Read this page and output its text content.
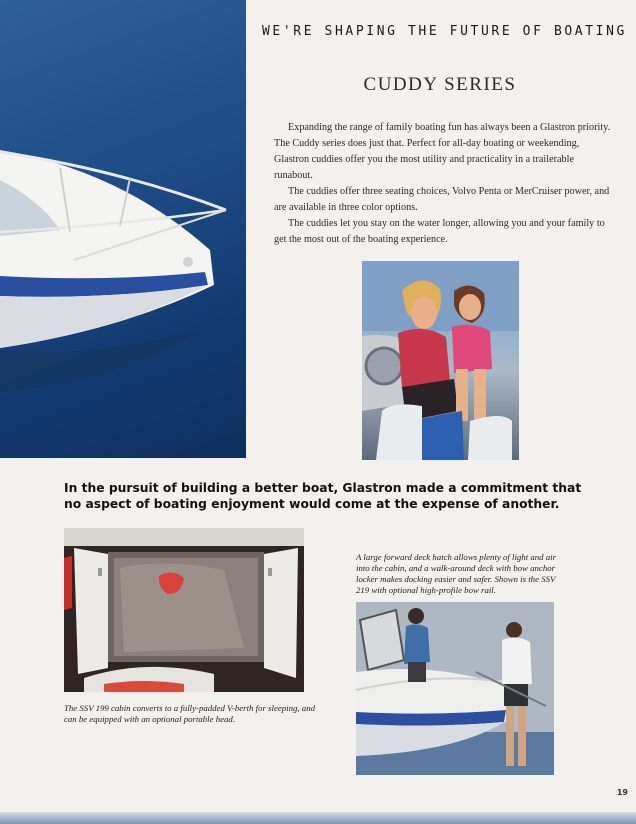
WE'RE SHAPING THE FUTURE OF BOATING
CUDDY SERIES

Expanding the range of family boating fun has always been a Glastron priority. The Cuddy series does just that. Perfect for all-day boating or weekending, Glastron cuddies offer you the most utility and practicality in a trailerable runabout.

The cuddies offer three seating choices, Volvo Penta or MerCruiser power, and are available in three color options.

The cuddies let you stay on the water longer, allowing you and your family to get the most out of the boating experience.

In the pursuit of building a better boat, Glastron made a commitment that no aspect of boating enjoyment would come at the expense of another.
The SSV 199 cabin converts to a fully-padded V-berth for sleeping, and can be equipped with an optional portable head.
A large forward deck hatch allows plenty of light and air into the cabin, and a walk-around deck with bow anchor locker makes docking easier and safer. Shown is the SSV 219 with optional high-profile bow rail.
19
